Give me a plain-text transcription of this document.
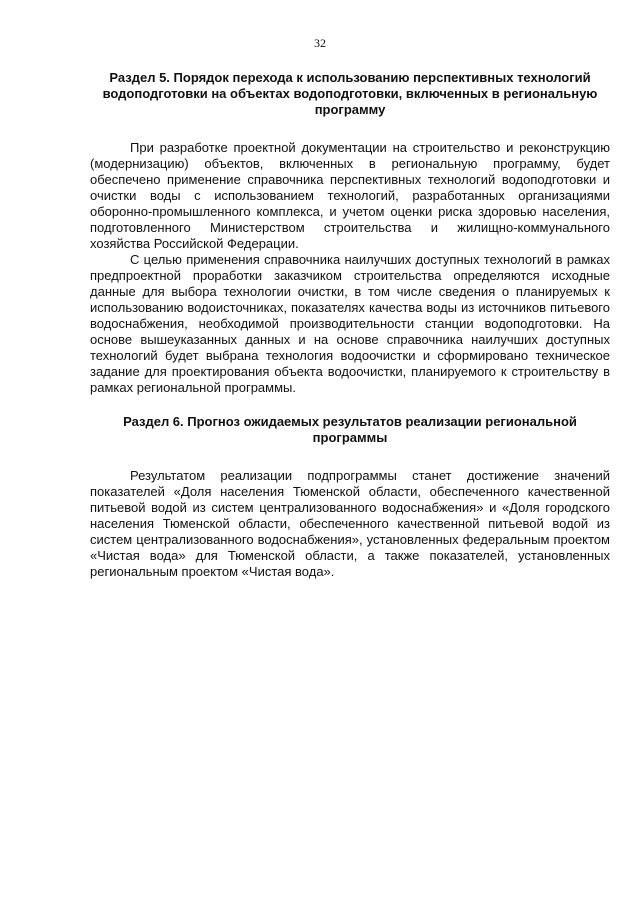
32
Раздел 5. Порядок перехода к использованию перспективных технологий водоподготовки на объектах водоподготовки, включенных в региональную программу

При разработке проектной документации на строительство и реконструкцию (модернизацию) объектов, включенных в региональную программу, будет обеспечено применение справочника перспективных технологий водоподготовки и очистки воды с использованием технологий, разработанных организациями оборонно-промышленного комплекса, и учетом оценки риска здоровью населения, подготовленного Министерством строительства и жилищно-коммунального хозяйства Российской Федерации.

С целью применения справочника наилучших доступных технологий в рамках предпроектной проработки заказчиком строительства определяются исходные данные для выбора технологии очистки, в том числе сведения о планируемых к использованию водоисточниках, показателях качества воды из источников питьевого водоснабжения, необходимой производительности станции водоподготовки. На основе вышеуказанных данных и на основе справочника наилучших доступных технологий будет выбрана технология водоочистки и сформировано техническое задание для проектирования объекта водоочистки, планируемого к строительству в рамках региональной программы.

Раздел 6. Прогноз ожидаемых результатов реализации региональной программы

Результатом реализации подпрограммы станет достижение значений показателей «Доля населения Тюменской области, обеспеченного качественной питьевой водой из систем централизованного водоснабжения» и «Доля городского населения Тюменской области, обеспеченного качественной питьевой водой из систем централизованного водоснабжения», установленных федеральным проектом «Чистая вода» для Тюменской области, а также показателей, установленных региональным проектом «Чистая вода».
